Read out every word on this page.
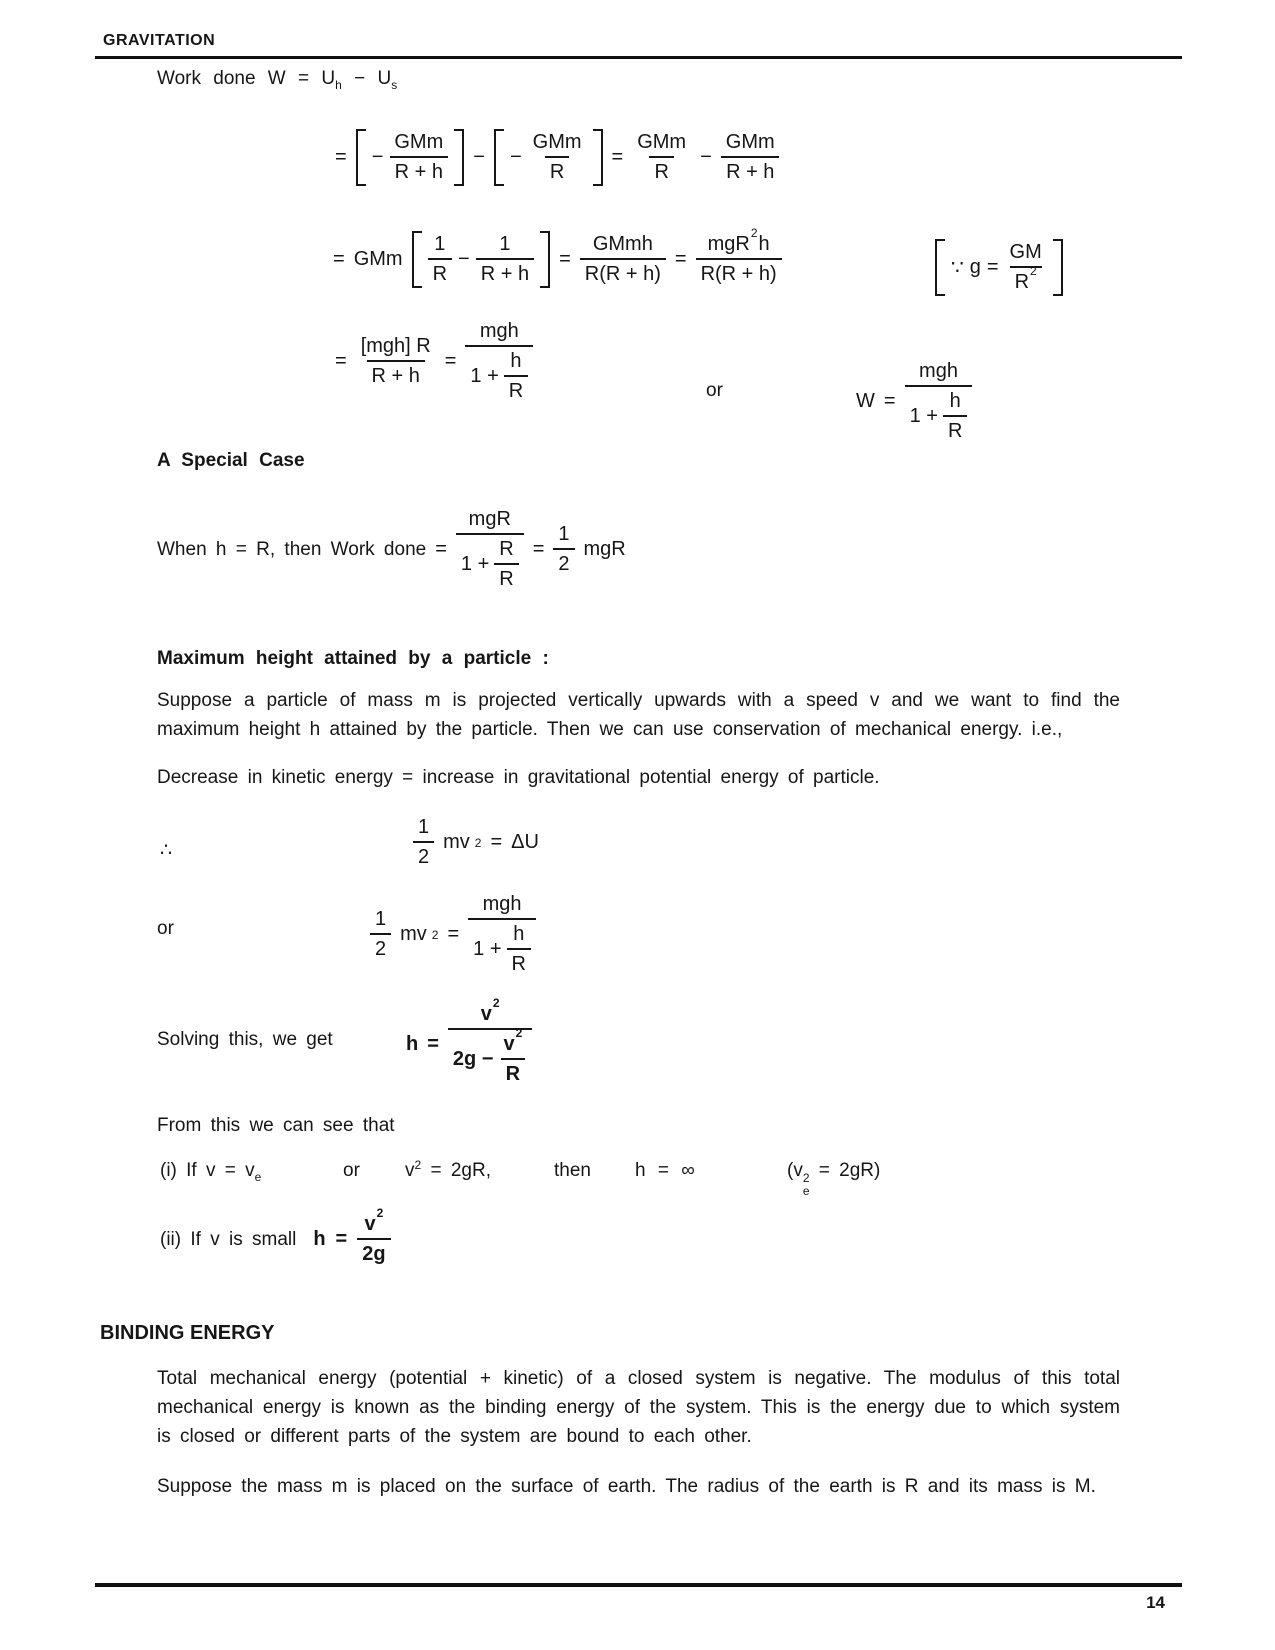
GRAVITATION
Work done $W = U_h - U_s$
= −
GMm
R + h
− −
GMm
R
=
GMm
R
−
GMm
R + h
= GMm $\frac{1}{R} - \frac{1}{R + h}$ =
GMmh
R(R + h)
=
mgR 2 h
R(R + h)	∵ $g = \frac{GM}{R 2}$
=
[mgh] R
R + h
=
mgh
$1 + \frac{h}{R}$	or	W =
mgh
$1 + \frac{h}{R}$
A Special Case
When h = R, then Work done =
mgR
$1 + \frac{R}{R} = \frac{1}{2}$ mgR
Maximum height attained by a particle :
Suppose a particle of mass m is projected vertically upwards with a speed v and we want to find the maximum height h attained by the particle. Then we can use conservation of mechanical energy. i.e.,
Decrease in kinetic energy = increase in gravitational potential energy of particle.
∴	$\frac{1}{2}$ mv 2 = ΔU
or	$\frac{1}{2}$ mv 2 =
mgh
$1 + \frac{h}{R}$
Solving this, we get	$h = \frac{v 2}{2g - \frac{v 2}{R}}$
From this we can see that
(i) If $v = v_e$	or $v^2 = 2gR$,	then h = ∞	(v 2
e
= 2gR)
(ii) If v is small $h = \frac{v 2}{2g}$
BINDING ENERGY
Total mechanical energy (potential + kinetic) of a closed system is negative. The modulus of this total mechanical energy is known as the binding energy of the system. This is the energy due to which system is closed or different parts of the system are bound to each other.
Suppose the mass m is placed on the surface of earth. The radius of the earth is R and its mass is M.
14
